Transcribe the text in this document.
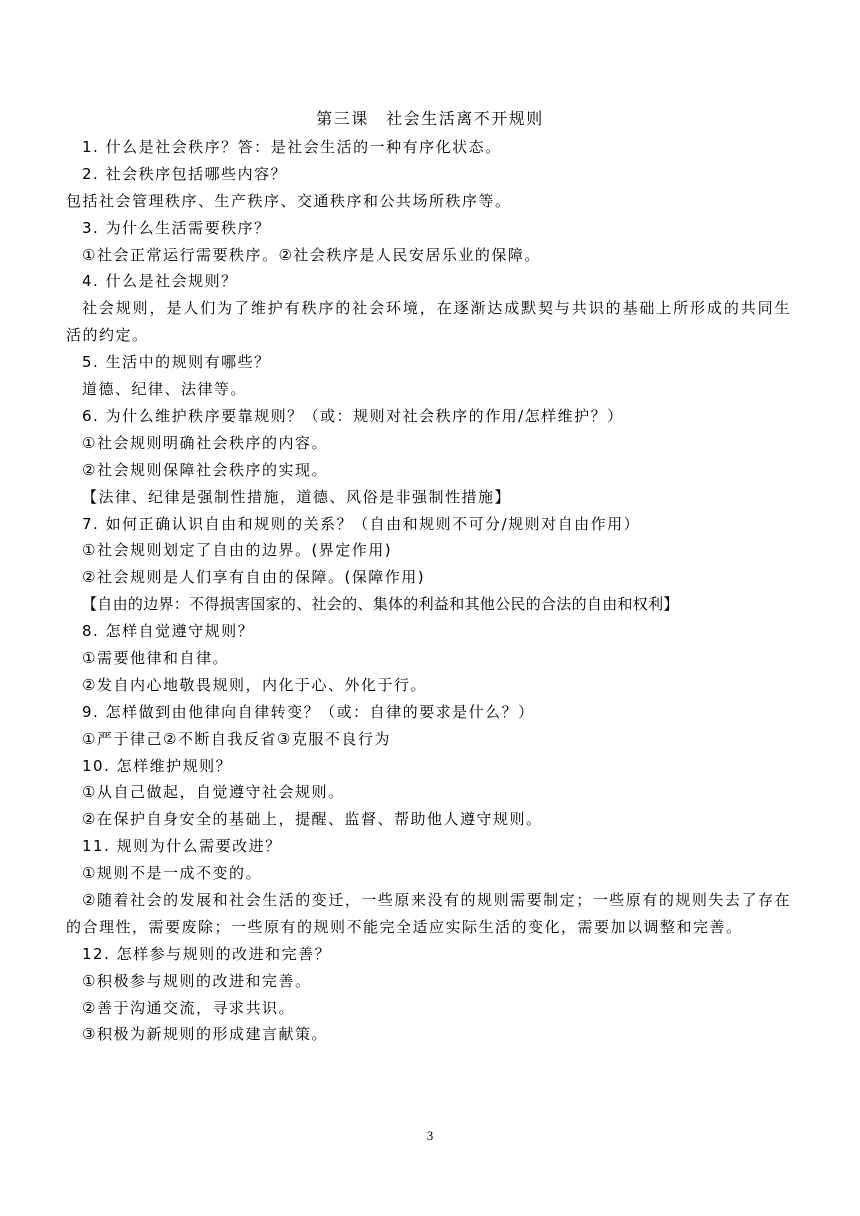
第三课　社会生活离不开规则
1. 什么是社会秩序？答：是社会生活的一种有序化状态。
2. 社会秩序包括哪些内容？
包括社会管理秩序、生产秩序、交通秩序和公共场所秩序等。
3. 为什么生活需要秩序？
①社会正常运行需要秩序。②社会秩序是人民安居乐业的保障。
4. 什么是社会规则？
社会规则，是人们为了维护有秩序的社会环境，在逐渐达成默契与共识的基础上所形成的共同生活的约定。
5. 生活中的规则有哪些？
道德、纪律、法律等。
6. 为什么维护秩序要靠规则？（或：规则对社会秩序的作用/怎样维护？）
①社会规则明确社会秩序的内容。
②社会规则保障社会秩序的实现。
【法律、纪律是强制性措施，道德、风俗是非强制性措施】
7. 如何正确认识自由和规则的关系？（自由和规则不可分/规则对自由作用）
①社会规则划定了自由的边界。(界定作用)
②社会规则是人们享有自由的保障。(保障作用)
【自由的边界：不得损害国家的、社会的、集体的利益和其他公民的合法的自由和权利】
8. 怎样自觉遵守规则？
①需要他律和自律。
②发自内心地敬畏规则，内化于心、外化于行。
9. 怎样做到由他律向自律转变？（或：自律的要求是什么？）
①严于律己②不断自我反省③克服不良行为
10. 怎样维护规则？
①从自己做起，自觉遵守社会规则。
②在保护自身安全的基础上，提醒、监督、帮助他人遵守规则。
11. 规则为什么需要改进？
①规则不是一成不变的。
②随着社会的发展和社会生活的变迁，一些原来没有的规则需要制定；一些原有的规则失去了存在的合理性，需要废除；一些原有的规则不能完全适应实际生活的变化，需要加以调整和完善。
12. 怎样参与规则的改进和完善？
①积极参与规则的改进和完善。
②善于沟通交流，寻求共识。
③积极为新规则的形成建言献策。
3
